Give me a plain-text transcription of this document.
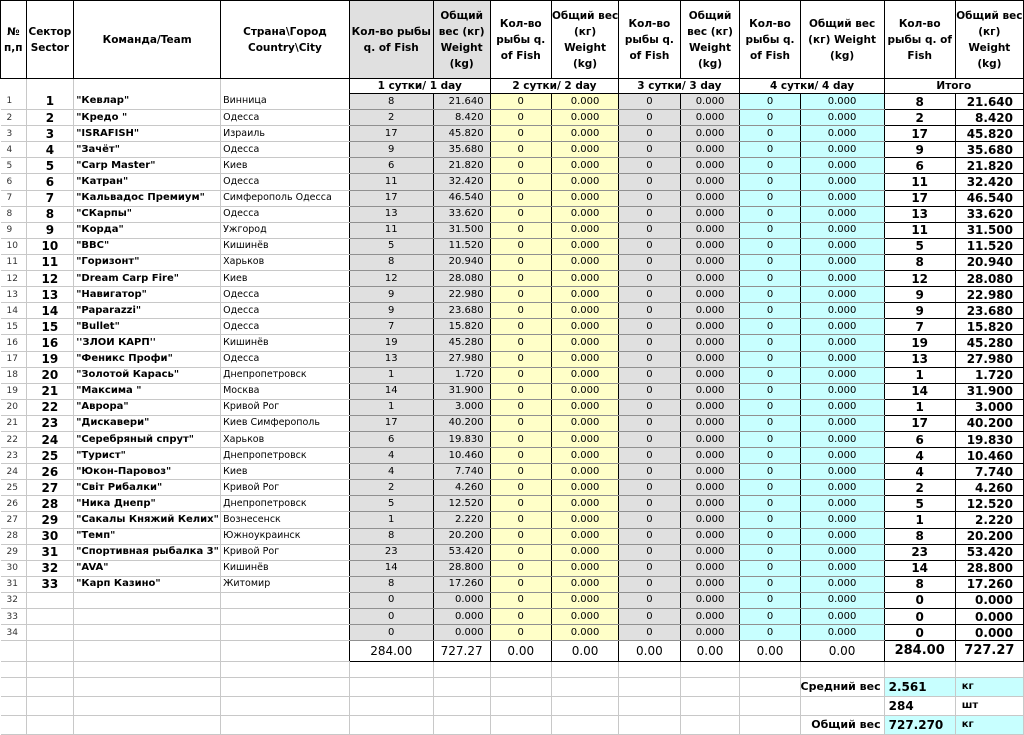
№ п,п	Сектор Sector	Команда/Team	Страна\Город Country\City	Кол-во рыбы q. of Fish	Общий вес (кг) Weight (kg)	Кол-во рыбы q. of Fish	Общий вес (кг) Weight (kg)	Кол-во рыбы q. of Fish	Общий вес (кг) Weight (kg)	Кол-во рыбы q. of Fish	Общий вес (кг) Weight (kg)	Кол-во рыбы q. of Fish	Общий вес (кг) Weight (kg)
				1 сутки/ 1 day		2 сутки/ 2 day		3 сутки/ 3 day		4 сутки/ 4 day		Итого	
1	1	"Кевлар"	Винница	8	21.640	0	0.000	0	0.000	0	0.000	8	21.640
2	2	"Кредо "	Одесса	2	8.420	0	0.000	0	0.000	0	0.000	2	8.420
3	3	"ISRAFISH"	Израиль	17	45.820	0	0.000	0	0.000	0	0.000	17	45.820
4	4	"Зачёт"	Одесса	9	35.680	0	0.000	0	0.000	0	0.000	9	35.680
5	5	"Carp Master"	Киев	6	21.820	0	0.000	0	0.000	0	0.000	6	21.820
6	6	"Катран"	Одесса	11	32.420	0	0.000	0	0.000	0	0.000	11	32.420
7	7	"Кальвадос Премиум"	Симферополь Одесса	17	46.540	0	0.000	0	0.000	0	0.000	17	46.540
8	8	"СКарпы"	Одесса	13	33.620	0	0.000	0	0.000	0	0.000	13	33.620
9	9	"Корда"	Ужгород	11	31.500	0	0.000	0	0.000	0	0.000	11	31.500
10	10	"BBC"	Кишинёв	5	11.520	0	0.000	0	0.000	0	0.000	5	11.520
11	11	"Горизонт"	Харьков	8	20.940	0	0.000	0	0.000	0	0.000	8	20.940
12	12	"Dream Carp Fire"	Киев	12	28.080	0	0.000	0	0.000	0	0.000	12	28.080
13	13	"Навигатор"	Одесса	9	22.980	0	0.000	0	0.000	0	0.000	9	22.980
14	14	"Paparazzi"	Одесса	9	23.680	0	0.000	0	0.000	0	0.000	9	23.680
15	15	"Bullet"	Одесса	7	15.820	0	0.000	0	0.000	0	0.000	7	15.820
16	16	''ЗЛОИ КАРП''	Кишинёв	19	45.280	0	0.000	0	0.000	0	0.000	19	45.280
17	19	"Феникс Профи"	Одесса	13	27.980	0	0.000	0	0.000	0	0.000	13	27.980
18	20	"Золотой Карась"	Днепропетровск	1	1.720	0	0.000	0	0.000	0	0.000	1	1.720
19	21	"Максима "	Москва	14	31.900	0	0.000	0	0.000	0	0.000	14	31.900
20	22	"Аврора"	Кривой Рог	1	3.000	0	0.000	0	0.000	0	0.000	1	3.000
21	23	"Дискавери"	Киев Симферополь	17	40.200	0	0.000	0	0.000	0	0.000	17	40.200
22	24	"Серебряный спрут"	Харьков	6	19.830	0	0.000	0	0.000	0	0.000	6	19.830
23	25	"Турист"	Днепропетровск	4	10.460	0	0.000	0	0.000	0	0.000	4	10.460
24	26	"Юкон-Паровоз"	Киев	4	7.740	0	0.000	0	0.000	0	0.000	4	7.740
25	27	"Світ Рибалки"	Кривой Рог	2	4.260	0	0.000	0	0.000	0	0.000	2	4.260
26	28	"Ника Днепр"	Днепропетровск	5	12.520	0	0.000	0	0.000	0	0.000	5	12.520
27	29	"Сакалы Княжий Келих"	Вознесенск	1	2.220	0	0.000	0	0.000	0	0.000	1	2.220
28	30	"Темп"	Южноукраинск	8	20.200	0	0.000	0	0.000	0	0.000	8	20.200
29	31	"Спортивная рыбалка 3"	Кривой Рог	23	53.420	0	0.000	0	0.000	0	0.000	23	53.420
30	32	"AVA"	Кишинёв	14	28.800	0	0.000	0	0.000	0	0.000	14	28.800
31	33	"Карп Казино"	Житомир	8	17.260	0	0.000	0	0.000	0	0.000	8	17.260
32				0	0.000	0	0.000	0	0.000	0	0.000	0	0.000
33				0	0.000	0	0.000	0	0.000	0	0.000	0	0.000
34				0	0.000	0	0.000	0	0.000	0	0.000	0	0.000
				284.00	727.27	0.00	0.00	0.00	0.00	0.00	0.00	284.00	727.27

											Средний вес	2.561	кг
												284	шт
											Общий вес	727.270	кг
